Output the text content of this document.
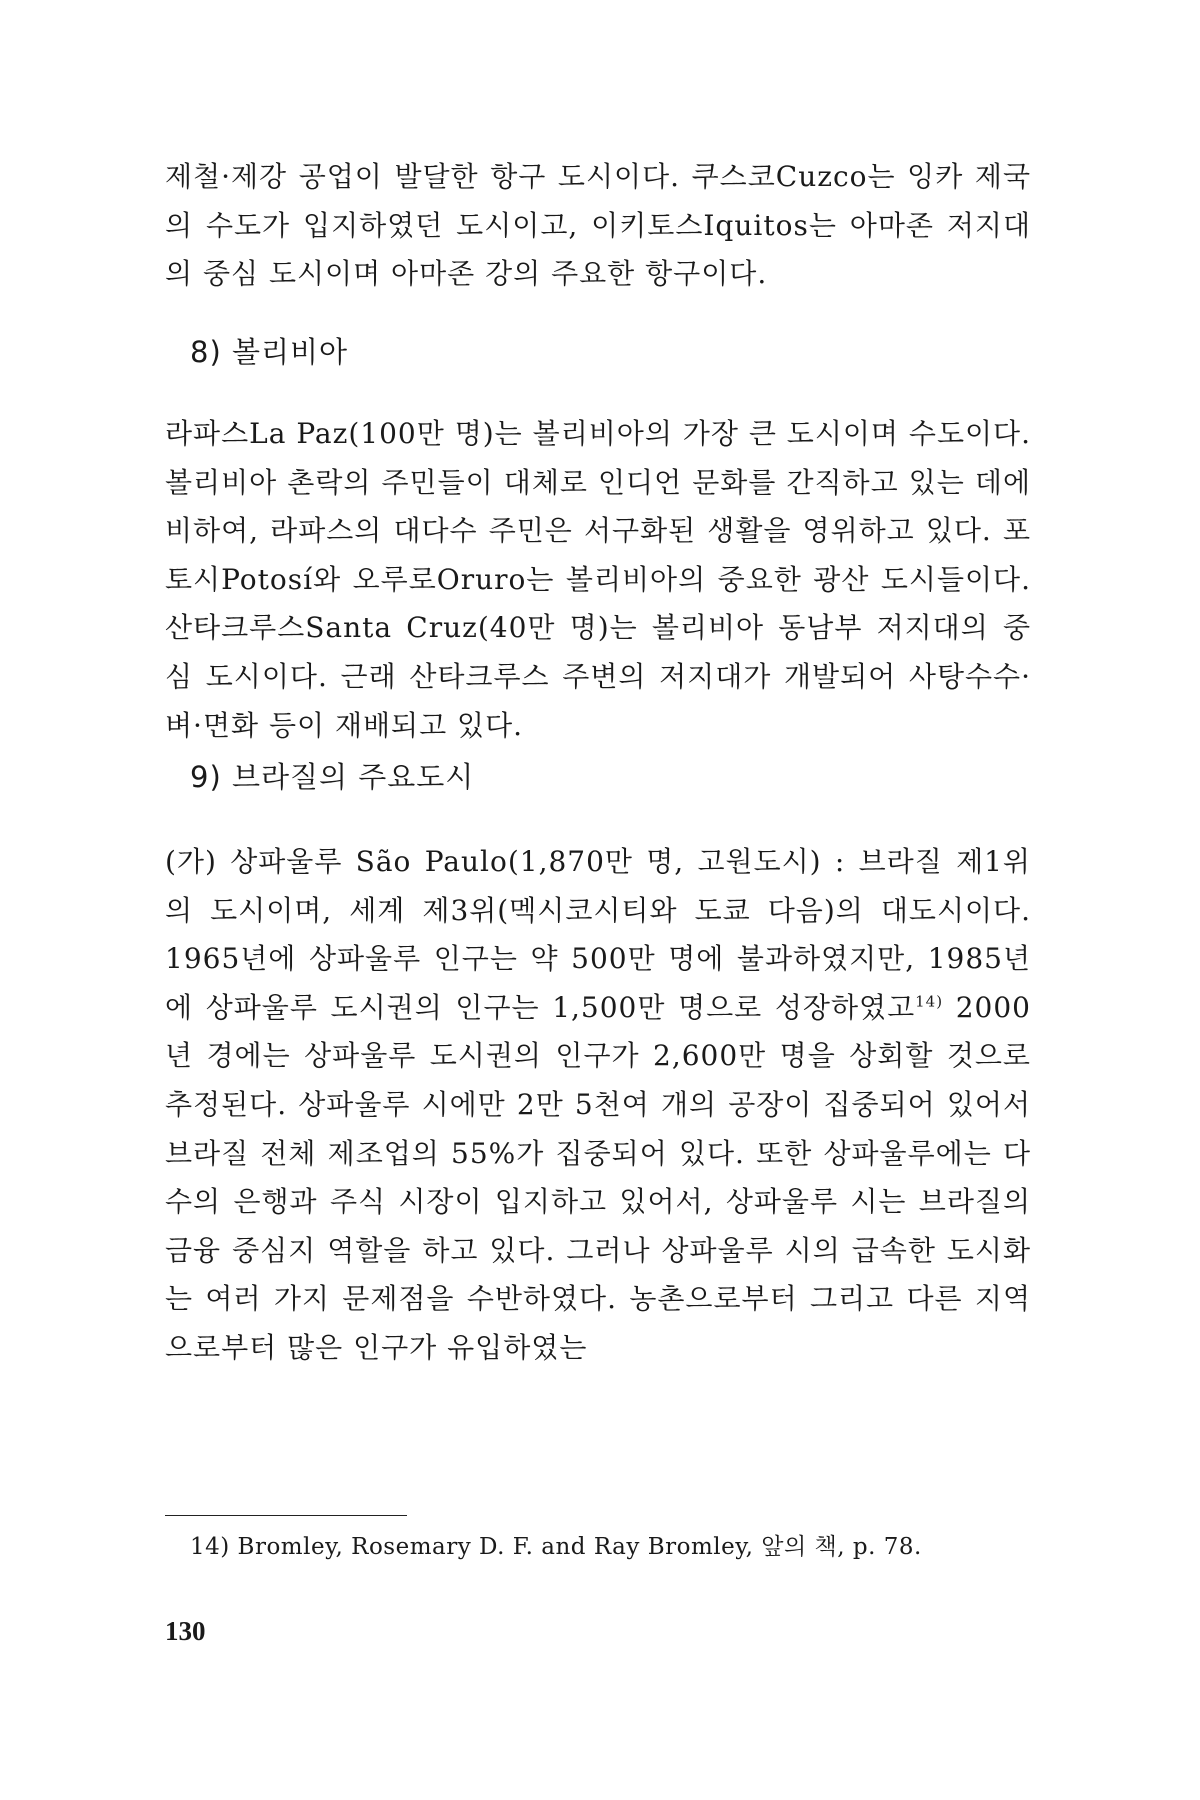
제철·제강 공업이 발달한 항구 도시이다. 쿠스코Cuzco는 잉카 제국의 수도가 입지하였던 도시이고, 이키토스Iquitos는 아마존 저지대의 중심 도시이며 아마존 강의 주요한 항구이다.

8) 볼리비아

라파스La Paz(100만 명)는 볼리비아의 가장 큰 도시이며 수도이다. 볼리비아 촌락의 주민들이 대체로 인디언 문화를 간직하고 있는 데에 비하여, 라파스의 대다수 주민은 서구화된 생활을 영위하고 있다. 포토시Potosí와 오루로Oruro는 볼리비아의 중요한 광산 도시들이다. 산타크루스Santa Cruz(40만 명)는 볼리비아 동남부 저지대의 중심 도시이다. 근래 산타크루스 주변의 저지대가 개발되어 사탕수수·벼·면화 등이 재배되고 있다.

9) 브라질의 주요도시

(가) 상파울루 São Paulo(1,870만 명, 고원도시) : 브라질 제1위의 도시이며, 세계 제3위(멕시코시티와 도쿄 다음)의 대도시이다. 1965년에 상파울루 인구는 약 500만 명에 불과하였지만, 1985년에 상파울루 도시권의 인구는 1,500만 명으로 성장하였고$^{14)}$ 2000년 경에는 상파울루 도시권의 인구가 2,600만 명을 상회할 것으로 추정된다. 상파울루 시에만 2만 5천여 개의 공장이 집중되어 있어서 브라질 전체 제조업의 55%가 집중되어 있다. 또한 상파울루에는 다수의 은행과 주식 시장이 입지하고 있어서, 상파울루 시는 브라질의 금융 중심지 역할을 하고 있다. 그러나 상파울루 시의 급속한 도시화는 여러 가지 문제점을 수반하였다. 농촌으로부터 그리고 다른 지역으로부터 많은 인구가 유입하였는

14) Bromley, Rosemary D. F. and Ray Bromley, 앞의 책, p. 78.

130
